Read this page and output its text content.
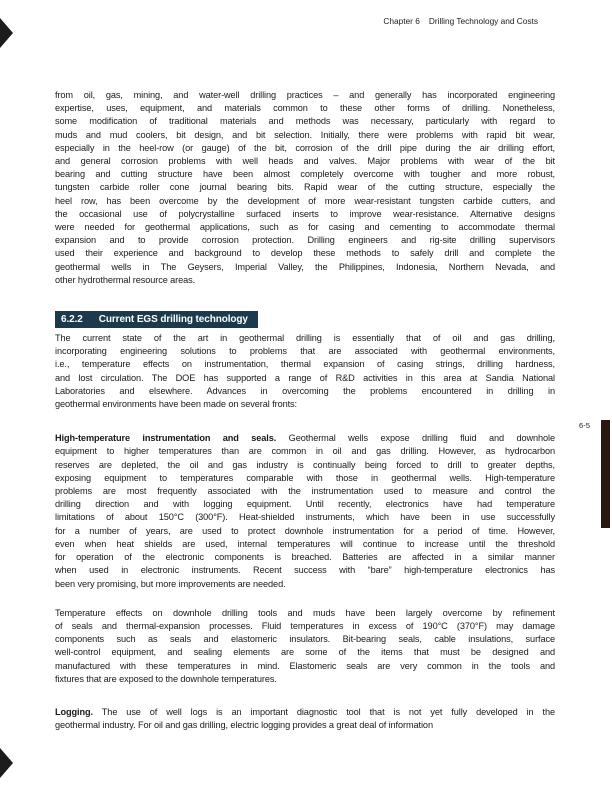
Chapter 6 Drilling Technology and Costs
6-5
from oil, gas, mining, and water-well drilling practices – and generally has incorporated engineering
expertise, uses, equipment, and materials common to these other forms of drilling. Nonetheless,
some modification of traditional materials and methods was necessary, particularly with regard to
muds and mud coolers, bit design, and bit selection. Initially, there were problems with rapid bit wear,
especially in the heel-row (or gauge) of the bit, corrosion of the drill pipe during the air drilling effort,
and general corrosion problems with well heads and valves. Major problems with wear of the bit
bearing and cutting structure have been almost completely overcome with tougher and more robust,
tungsten carbide roller cone journal bearing bits. Rapid wear of the cutting structure, especially the
heel row, has been overcome by the development of more wear-resistant tungsten carbide cutters, and
the occasional use of polycrystalline surfaced inserts to improve wear-resistance. Alternative designs
were needed for geothermal applications, such as for casing and cementing to accommodate thermal
expansion and to provide corrosion protection. Drilling engineers and rig-site drilling supervisors
used their experience and background to develop these methods to safely drill and complete the
geothermal wells in The Geysers, Imperial Valley, the Philippines, Indonesia, Northern Nevada, and
other hydrothermal resource areas.
6.2.2 Current EGS drilling technology
The current state of the art in geothermal drilling is essentially that of oil and gas drilling,
incorporating engineering solutions to problems that are associated with geothermal environments,
i.e., temperature effects on instrumentation, thermal expansion of casing strings, drilling hardness,
and lost circulation. The DOE has supported a range of R&D activities in this area at Sandia National
Laboratories and elsewhere. Advances in overcoming the problems encountered in drilling in
geothermal environments have been made on several fronts:
High-temperature instrumentation and seals. Geothermal wells expose drilling fluid and downhole
equipment to higher temperatures than are common in oil and gas drilling. However, as hydrocarbon
reserves are depleted, the oil and gas industry is continually being forced to drill to greater depths,
exposing equipment to temperatures comparable with those in geothermal wells. High-temperature
problems are most frequently associated with the instrumentation used to measure and control the
drilling direction and with logging equipment. Until recently, electronics have had temperature
limitations of about 150°C (300°F). Heat-shielded instruments, which have been in use successfully
for a number of years, are used to protect downhole instrumentation for a period of time. However,
even when heat shields are used, internal temperatures will continue to increase until the threshold
for operation of the electronic components is breached. Batteries are affected in a similar manner
when used in electronic instruments. Recent success with “bare” high-temperature electronics has
been very promising, but more improvements are needed.
Temperature effects on downhole drilling tools and muds have been largely overcome by refinement
of seals and thermal-expansion processes. Fluid temperatures in excess of 190°C (370°F) may damage
components such as seals and elastomeric insulators. Bit-bearing seals, cable insulations, surface
well-control equipment, and sealing elements are some of the items that must be designed and
manufactured with these temperatures in mind. Elastomeric seals are very common in the tools and
fixtures that are exposed to the downhole temperatures.
Logging. The use of well logs is an important diagnostic tool that is not yet fully developed in the
geothermal industry. For oil and gas drilling, electric logging provides a great deal of information
